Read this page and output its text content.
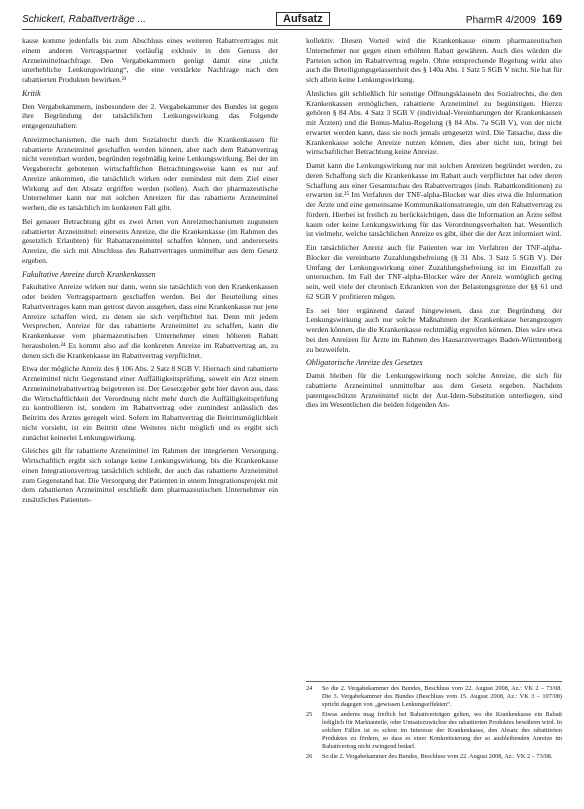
Schickert, Rabattverträge ...	Aufsatz	PharmR 4/2009 169

kasse komme jedenfalls bis zum Abschluss eines weiteren Rabattvertrages mit einem anderen Vertragspartner vorläufig exklusiv in den Genuss der Arzneimittelnachfrage. Den Vergabekammern genügt damit eine „nicht unerhebliche Lenkungswirkung“, die eine verstärkte Nachfrage nach den rabattierten Produkten bewirken.²³

Kritik

Den Vergabekammern, insbesondere der 2. Vergabekammer des Bundes ist gegen ihre Begründung der tatsächlichen Lenkungswirkung das Folgende entgegenzuhalten:

Anreizmechanismen, die nach dem Sozialrecht durch die Krankenkassen für rabattierte Arzneimittel geschaffen werden können, aber nach dem Rabattvertrag nicht vereinbart wurden, begründen regelmäßig keine Lenkungswirkung. Bei der im Vergaberecht gebotenen wirtschaftlichen Betrachtungsweise kann es nur auf Anreize ankommen, die tatsächlich wirken oder zumindest mit dem Ziel einer Wirkung auf den Absatz ergriffen werden (sollen). Auch der pharmazeutische Unternehmer kann nur mit solchen Anreizen für das rabattierte Arzneimittel werben, die es tatsächlich im konkreten Fall gibt.

Bei genauer Betrachtung gibt es zwei Arten von Anreizmechanismen zugunsten rabattierter Arzneimittel: einerseits Anreize, die die Krankenkasse (im Rahmen des gesetzlich Erlaubten) für Rabattarzneimittel schaffen können, und andererseits Anreize, die sich mit Abschluss des Rabattvertrages unmittelbar aus dem Gesetz ergeben.

Fakultative Anreize durch Krankenkassen

Fakultative Anreize wirken nur dann, wenn sie tatsächlich von den Krankenkassen oder beiden Vertragspartnern geschaffen werden. Bei der Beurteilung eines Rabattvertrages kann man getrost davon ausgehen, dass eine Krankenkasse nur jene Anreize schaffen wird, zu denen sie sich verpflichtet hat. Denn mit jedem Versprechen, Anreize für das rabattierte Arzneimittel zu schaffen, kann die Krankenkasse vom pharmazeutischen Unternehmer einen höheren Rabatt herausholen.²⁴ Es kommt also auf die konkreten Anreize im Rabattvertrag an, zu denen sich die Krankenkasse im Rabattvertrag verpflichtet.

Etwa der mögliche Anreiz des § 106 Abs. 2 Satz 8 SGB V: Hiernach sind rabattierte Arzneimittel nicht Gegenstand einer Auffälligkeitsprüfung, soweit ein Arzt einem Arzneimittelrabattvertrag beigetreten ist. Der Gesetzgeber geht hier davon aus, dass die Wirtschaftlichkeit der Verordnung nicht mehr durch die Auffälligkeitsprüfung zu kontrollieren ist, sondern im Rabattvertrag oder zumindest anlässlich des Beitritts des Arztes geregelt wird. Sofern im Rabattvertrag die Beitrittsmöglichkeit nicht vorsieht, ist ein Beitritt ohne Weiteres nicht möglich und es ergibt sich zunächst keinerlei Lenkungswirkung.

Gleiches gilt für rabattierte Arzneimittel im Rahmen der integrierten Versorgung. Wirtschaftlich ergibt sich solange keine Lenkungswirkung, bis die Krankenkasse einen Integrationsvertrag tatsächlich schließt, der auch das rabattierte Arzneimittel zum Gegenstand hat. Die Versorgung der Patienten in einem Integrationsprojekt mit dem rabattierten Arzneimittel erschließt dem pharmazeutischen Unternehmer ein zusätzliches Patienten-

kollektiv. Diesen Vorteil wird die Krankenkasse einem pharmazeutischen Unternehmer nur gegen einen erhöhten Rabatt gewähren. Auch dies würden die Parteien schon im Rabattvertrag regeln. Ohne entsprechende Regelung wirkt also auch die Beteiligungsgelassenheit des § 140a Abs. 1 Satz 5 SGB V nicht. Sie hat für sich allein keine Lenkungswirkung.

Ähnliches gilt schließlich für sonstige Öffnungsklauseln des Sozialrechts, die den Krankenkassen ermöglichen, rabattierte Arzneimittel zu begünstigen. Hierzu gehören § 84 Abs. 4 Satz 3 SGB V (individual-Vereinbarungen der Krankenkassen mit Ärzten) und die Bonus-Malus-Regelung (§ 84 Abs. 7a SGB V), von der nicht erwartet werden kann, dass sie noch jemals umgesetzt wird. Die Tatsache, dass die Krankenkasse solche Anreize nutzen können, dies aber nicht tun, bringt bei wirtschaftlicher Betrachtung keine Anreize.

Damit kann die Lenkungswirkung nur mit solchen Anreizen begründet werden, zu deren Schaffung sich die Krankenkasse im Rabatt auch verpflichtet hat oder deren Schaffung aus einer Gesamtschau des Rabattvertrages (insb. Rabattkonditionen) zu erwarten ist.²⁵ Im Verfahren der TNF-alpha-Blocker war dies etwa die Information der Ärzte und eine gemeinsame Kommunikationsstrategie, um den Rabattvertrag zu fördern. Hierbei ist freilich zu berücksichtigen, dass die Information an Ärzte selbst kaum oder keine Lenkungswirkung für das Verordnungsverhalten hat. Wesentlich ist vielmehr, welche tatsächlichen Anreize es gibt, über die der Arzt informiert wird.

Ein tatsächlicher Anreiz auch für Patienten war im Verfahren der TNF-alpha-Blocker die vereinbarte Zuzahlungsbefreiung (§ 31 Abs. 3 Satz 5 SGB V). Der Umfang der Lenkungswirkung einer Zuzahlungsbefreiung ist im Einzelfall zu untersuchen. Im Fall der TNF-alpha-Blocker wäre der Anreiz womöglich gering sein, weil viele der chronisch Erkrankten von der Belastungsgrenze der §§ 61 und 62 SGB V profitieren mögen.

Es sei hier ergänzend darauf hingewiesen, dass zur Begründung der Lenkungswirkung auch nur solche Maßnahmen der Krankenkasse herangezogen werden können, die die Krankenkasse rechtmäßig ergreifen können. Dies wäre etwa bei den Anreizen für Ärzte im Rahmen des Hausarztvertrages Baden-Württemberg zu bezweifeln.

Obligatorische Anreize des Gesetzes

Damit bleiben für die Lenkungswirkung noch solche Anreize, die sich für rabattierte Arzneimittel unmittelbar aus dem Gesetz ergeben. Nachdem patentgeschützte Arzneimittel nicht der Aut-Idem-Substitution unterliegen, sind dies im Wesentlichen die beiden folgenden An-

24	So die 2. Vergabekammer des Bundes, Beschluss vom 22. August 2008, Az.: VK 2 – 73/08. Die 3. Vergabekammer des Bundes (Beschluss vom 15. August 2008, Az.: VK 3 – 107/08) spricht dagegen von „gewissen Lenkungseffekten“.
25	Etwas anderes mag freilich bei Rabattverträgen gelten, wo die Krankenkasse ein Rabatt lediglich für Marktanteile, oder Umsatzzuwächse des rabattierten Produktes bewähren wird. In solchen Fällen ist es schon im Interesse der Krankenkasse, den Absatz des rabattierten Produktes zu fördern, so dass es einer Konkretisierung der so ausbleibenden Anreize im Rabattvertrag nicht zwingend bedarf.
26	So die 2. Vergabekammer des Bundes, Beschluss vom 22. August 2008, Az.: VK 2 – 73/08.
